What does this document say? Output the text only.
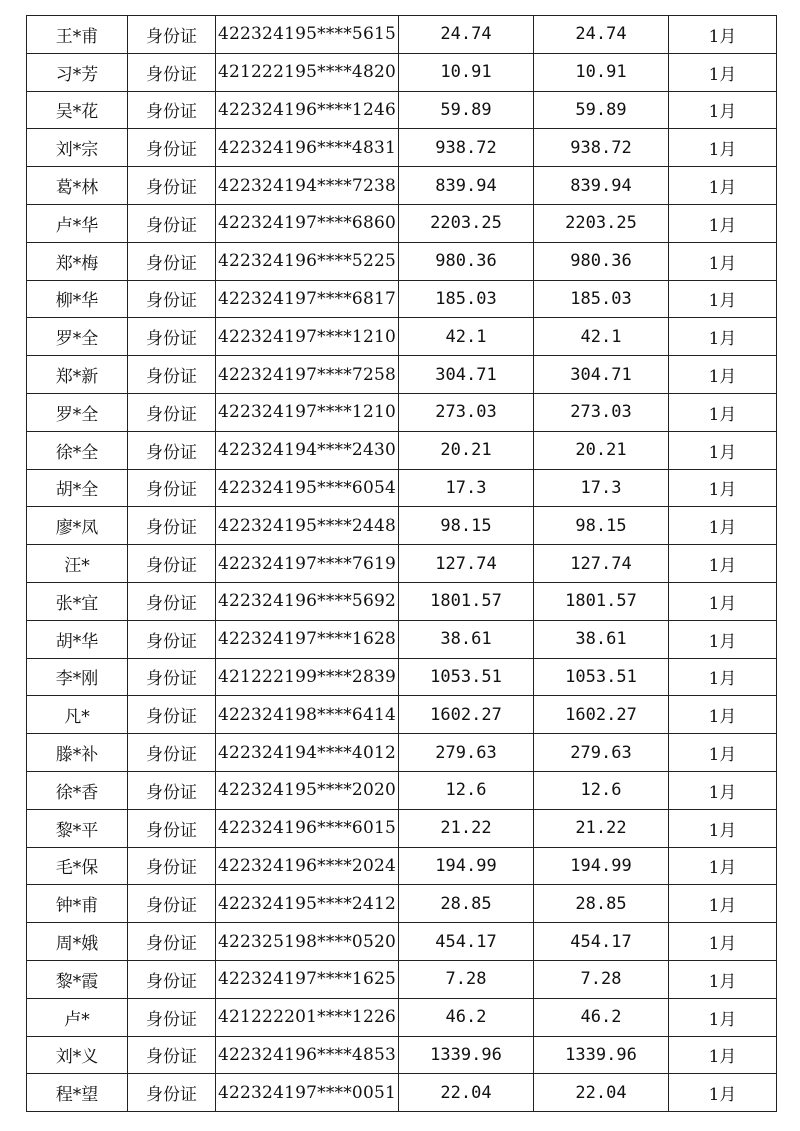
王*甫	身份证	422324195****5615	24.74	24.74	1月
习*芳	身份证	421222195****4820	10.91	10.91	1月
吴*花	身份证	422324196****1246	59.89	59.89	1月
刘*宗	身份证	422324196****4831	938.72	938.72	1月
葛*林	身份证	422324194****7238	839.94	839.94	1月
卢*华	身份证	422324197****6860	2203.25	2203.25	1月
郑*梅	身份证	422324196****5225	980.36	980.36	1月
柳*华	身份证	422324197****6817	185.03	185.03	1月
罗*全	身份证	422324197****1210	42.1	42.1	1月
郑*新	身份证	422324197****7258	304.71	304.71	1月
罗*全	身份证	422324197****1210	273.03	273.03	1月
徐*全	身份证	422324194****2430	20.21	20.21	1月
胡*全	身份证	422324195****6054	17.3	17.3	1月
廖*凤	身份证	422324195****2448	98.15	98.15	1月
汪*	身份证	422324197****7619	127.74	127.74	1月
张*宜	身份证	422324196****5692	1801.57	1801.57	1月
胡*华	身份证	422324197****1628	38.61	38.61	1月
李*刚	身份证	421222199****2839	1053.51	1053.51	1月
凡*	身份证	422324198****6414	1602.27	1602.27	1月
滕*补	身份证	422324194****4012	279.63	279.63	1月
徐*香	身份证	422324195****2020	12.6	12.6	1月
黎*平	身份证	422324196****6015	21.22	21.22	1月
毛*保	身份证	422324196****2024	194.99	194.99	1月
钟*甫	身份证	422324195****2412	28.85	28.85	1月
周*娥	身份证	422325198****0520	454.17	454.17	1月
黎*霞	身份证	422324197****1625	7.28	7.28	1月
卢*	身份证	421222201****1226	46.2	46.2	1月
刘*义	身份证	422324196****4853	1339.96	1339.96	1月
程*望	身份证	422324197****0051	22.04	22.04	1月
